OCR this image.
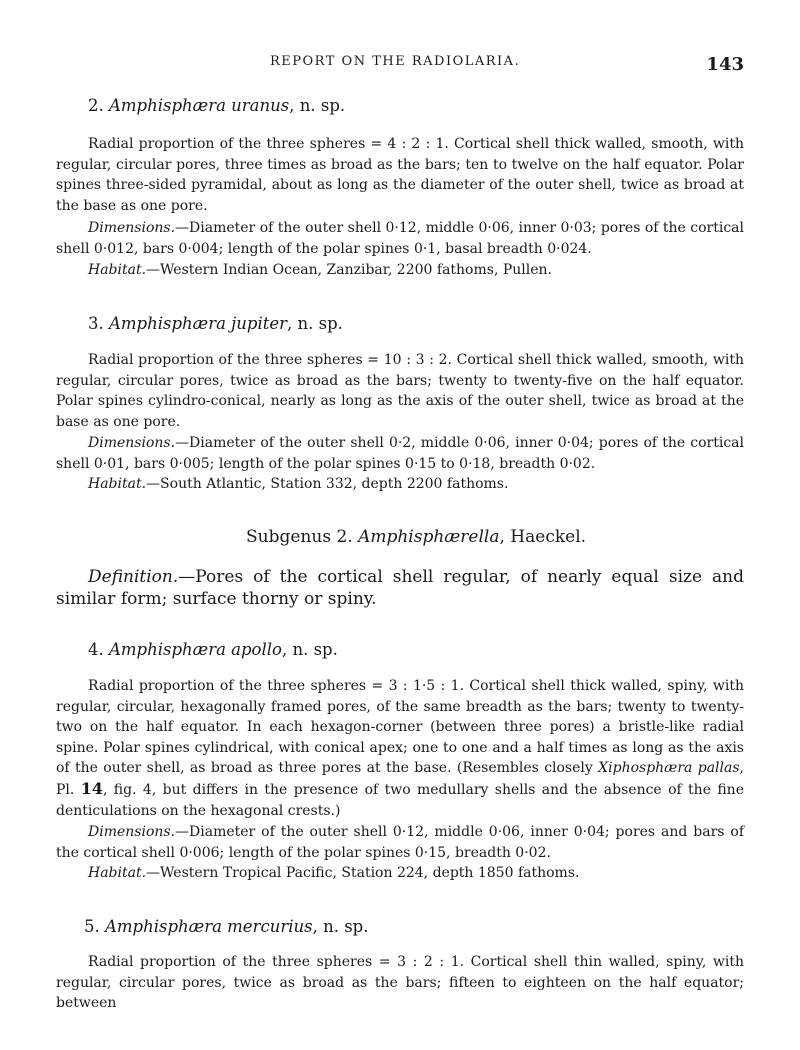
REPORT ON THE RADIOLARIA.	143
2. Amphisphæra uranus, n. sp.

Radial proportion of the three spheres = 4 : 2 : 1. Cortical shell thick walled, smooth, with regular, circular pores, three times as broad as the bars; ten to twelve on the half equator. Polar spines three-sided pyramidal, about as long as the diameter of the outer shell, twice as broad at the base as one pore.

Dimensions.—Diameter of the outer shell 0·12, middle 0·06, inner 0·03; pores of the cortical shell 0·012, bars 0·004; length of the polar spines 0·1, basal breadth 0·024.

Habitat.—Western Indian Ocean, Zanzibar, 2200 fathoms, Pullen.

3. Amphisphæra jupiter, n. sp.

Radial proportion of the three spheres = 10 : 3 : 2. Cortical shell thick walled, smooth, with regular, circular pores, twice as broad as the bars; twenty to twenty-five on the half equator. Polar spines cylindro-conical, nearly as long as the axis of the outer shell, twice as broad at the base as one pore.

Dimensions.—Diameter of the outer shell 0·2, middle 0·06, inner 0·04; pores of the cortical shell 0·01, bars 0·005; length of the polar spines 0·15 to 0·18, breadth 0·02.

Habitat.—South Atlantic, Station 332, depth 2200 fathoms.

Subgenus 2. Amphisphærella, Haeckel.

Definition.—Pores of the cortical shell regular, of nearly equal size and similar form; surface thorny or spiny.

4. Amphisphæra apollo, n. sp.

Radial proportion of the three spheres = 3 : 1·5 : 1. Cortical shell thick walled, spiny, with regular, circular, hexagonally framed pores, of the same breadth as the bars; twenty to twenty-two on the half equator. In each hexagon-corner (between three pores) a bristle-like radial spine. Polar spines cylindrical, with conical apex; one to one and a half times as long as the axis of the outer shell, as broad as three pores at the base. (Resembles closely Xiphosphæra pallas, Pl. 14, fig. 4, but differs in the presence of two medullary shells and the absence of the fine denticulations on the hexagonal crests.)

Dimensions.—Diameter of the outer shell 0·12, middle 0·06, inner 0·04; pores and bars of the cortical shell 0·006; length of the polar spines 0·15, breadth 0·02.

Habitat.—Western Tropical Pacific, Station 224, depth 1850 fathoms.

5. Amphisphæra mercurius, n. sp.

Radial proportion of the three spheres = 3 : 2 : 1. Cortical shell thin walled, spiny, with regular, circular pores, twice as broad as the bars; fifteen to eighteen on the half equator; between
